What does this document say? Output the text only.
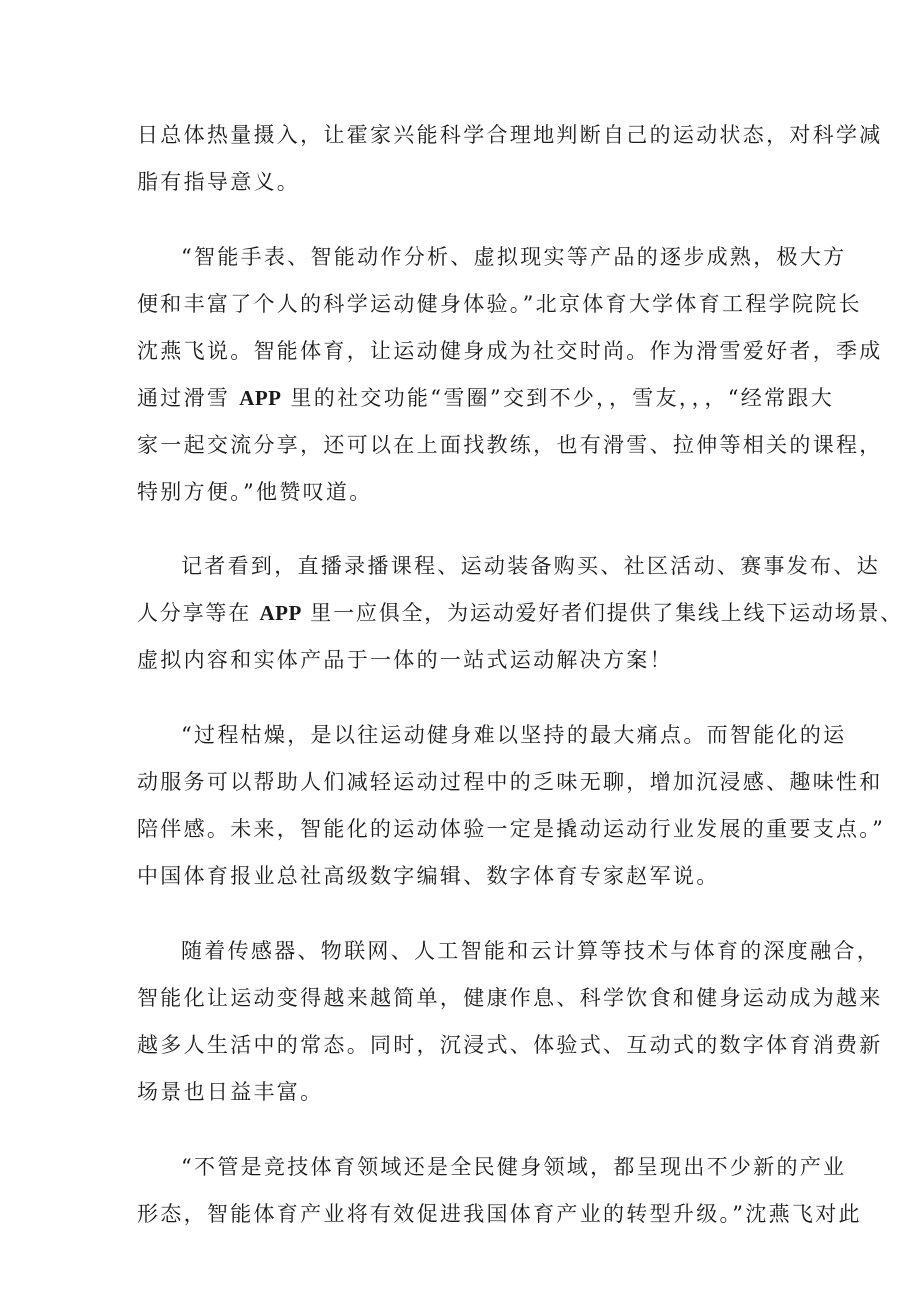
日总体热量摄入，让霍家兴能科学合理地判断自己的运动状态，对科学减
脂有指导意义。
“智能手表、智能动作分析、虚拟现实等产品的逐步成熟，极大方
便和丰富了个人的科学运动健身体验。”北京体育大学体育工程学院院长
沈燕飞说。智能体育，让运动健身成为社交时尚。作为滑雪爱好者，季成
通过滑雪 APP 里的社交功能“雪圈”交到不少，，雪友，，，“经常跟大
家一起交流分享，还可以在上面找教练，也有滑雪、拉伸等相关的课程，
特别方便。”他赞叹道。
记者看到，直播录播课程、运动装备购买、社区活动、赛事发布、达
人分享等在 APP 里一应俱全，为运动爱好者们提供了集线上线下运动场景、
虚拟内容和实体产品于一体的一站式运动解决方案！
“过程枯燥，是以往运动健身难以坚持的最大痛点。而智能化的运
动服务可以帮助人们减轻运动过程中的乏味无聊，增加沉浸感、趣味性和
陪伴感。未来，智能化的运动体验一定是撬动运动行业发展的重要支点。”
中国体育报业总社高级数字编辑、数字体育专家赵军说。
随着传感器、物联网、人工智能和云计算等技术与体育的深度融合，
智能化让运动变得越来越简单，健康作息、科学饮食和健身运动成为越来
越多人生活中的常态。同时，沉浸式、体验式、互动式的数字体育消费新
场景也日益丰富。
“不管是竞技体育领域还是全民健身领域，都呈现出不少新的产业
形态，智能体育产业将有效促进我国体育产业的转型升级。”沈燕飞对此
